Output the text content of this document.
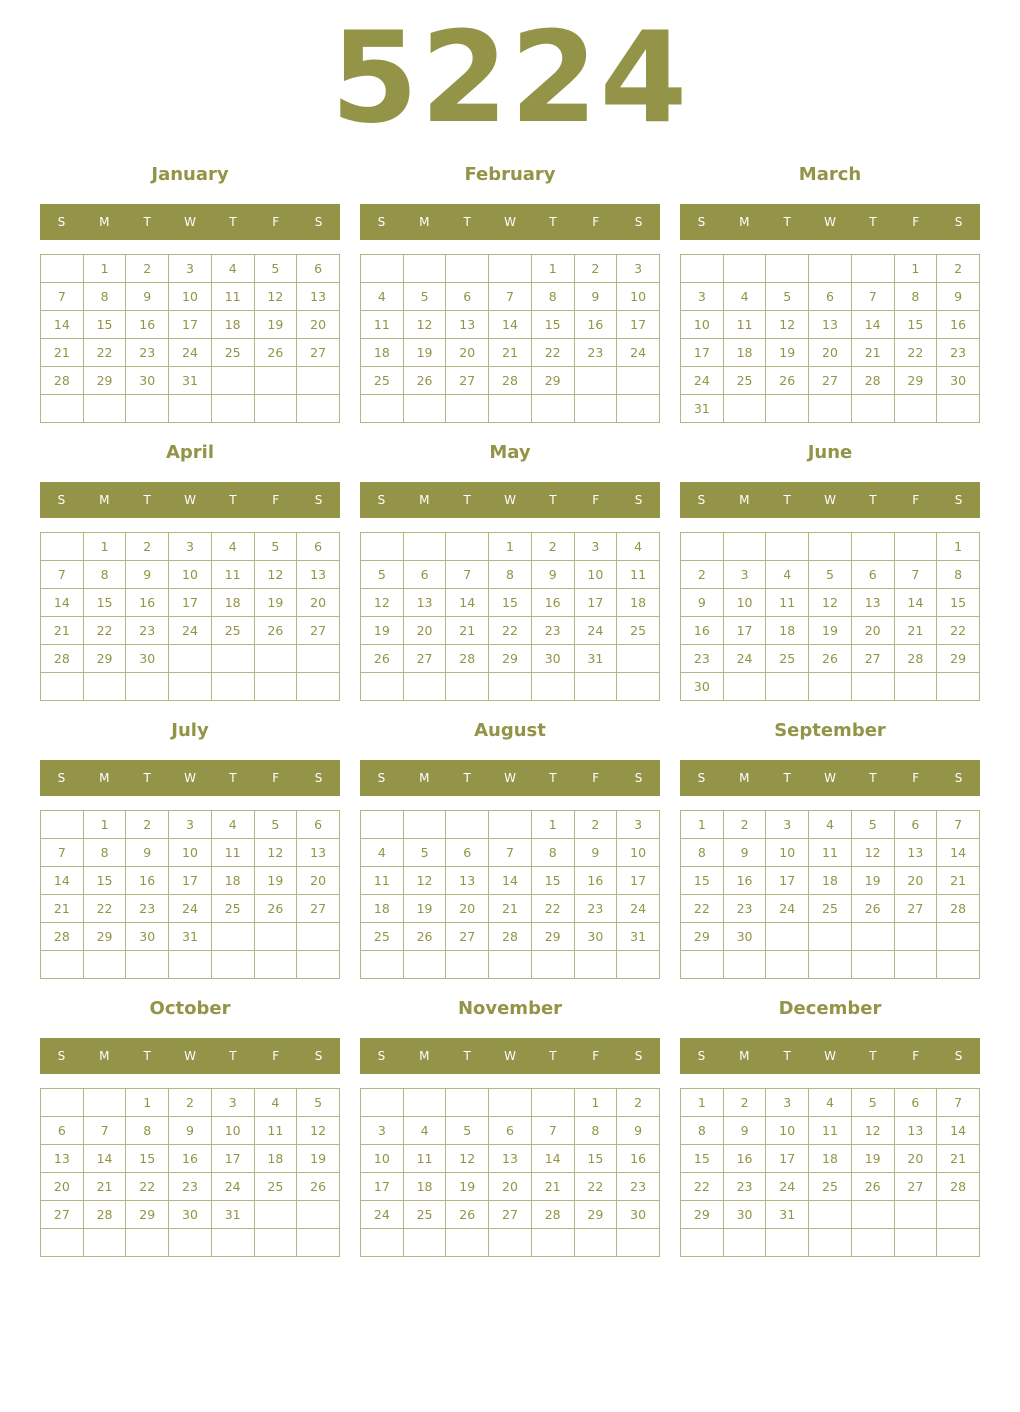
5224
January
S	M	T	W	T	F	S
	1	2	3	4	5	6
7	8	9	10	11	12	13
14	15	16	17	18	19	20
21	22	23	24	25	26	27
28	29	30	31			

February
S	M	T	W	T	F	S
				1	2	3
4	5	6	7	8	9	10
11	12	13	14	15	16	17
18	19	20	21	22	23	24
25	26	27	28	29		

March
S	M	T	W	T	F	S
					1	2
3	4	5	6	7	8	9
10	11	12	13	14	15	16
17	18	19	20	21	22	23
24	25	26	27	28	29	30
31						
April
S	M	T	W	T	F	S
	1	2	3	4	5	6
7	8	9	10	11	12	13
14	15	16	17	18	19	20
21	22	23	24	25	26	27
28	29	30				

May
S	M	T	W	T	F	S
			1	2	3	4
5	6	7	8	9	10	11
12	13	14	15	16	17	18
19	20	21	22	23	24	25
26	27	28	29	30	31	

June
S	M	T	W	T	F	S
						1
2	3	4	5	6	7	8
9	10	11	12	13	14	15
16	17	18	19	20	21	22
23	24	25	26	27	28	29
30						
July
S	M	T	W	T	F	S
	1	2	3	4	5	6
7	8	9	10	11	12	13
14	15	16	17	18	19	20
21	22	23	24	25	26	27
28	29	30	31			

August
S	M	T	W	T	F	S
				1	2	3
4	5	6	7	8	9	10
11	12	13	14	15	16	17
18	19	20	21	22	23	24
25	26	27	28	29	30	31

September
S	M	T	W	T	F	S
1	2	3	4	5	6	7
8	9	10	11	12	13	14
15	16	17	18	19	20	21
22	23	24	25	26	27	28
29	30					

October
S	M	T	W	T	F	S
		1	2	3	4	5
6	7	8	9	10	11	12
13	14	15	16	17	18	19
20	21	22	23	24	25	26
27	28	29	30	31		

November
S	M	T	W	T	F	S
					1	2
3	4	5	6	7	8	9
10	11	12	13	14	15	16
17	18	19	20	21	22	23
24	25	26	27	28	29	30

December
S	M	T	W	T	F	S
1	2	3	4	5	6	7
8	9	10	11	12	13	14
15	16	17	18	19	20	21
22	23	24	25	26	27	28
29	30	31				
